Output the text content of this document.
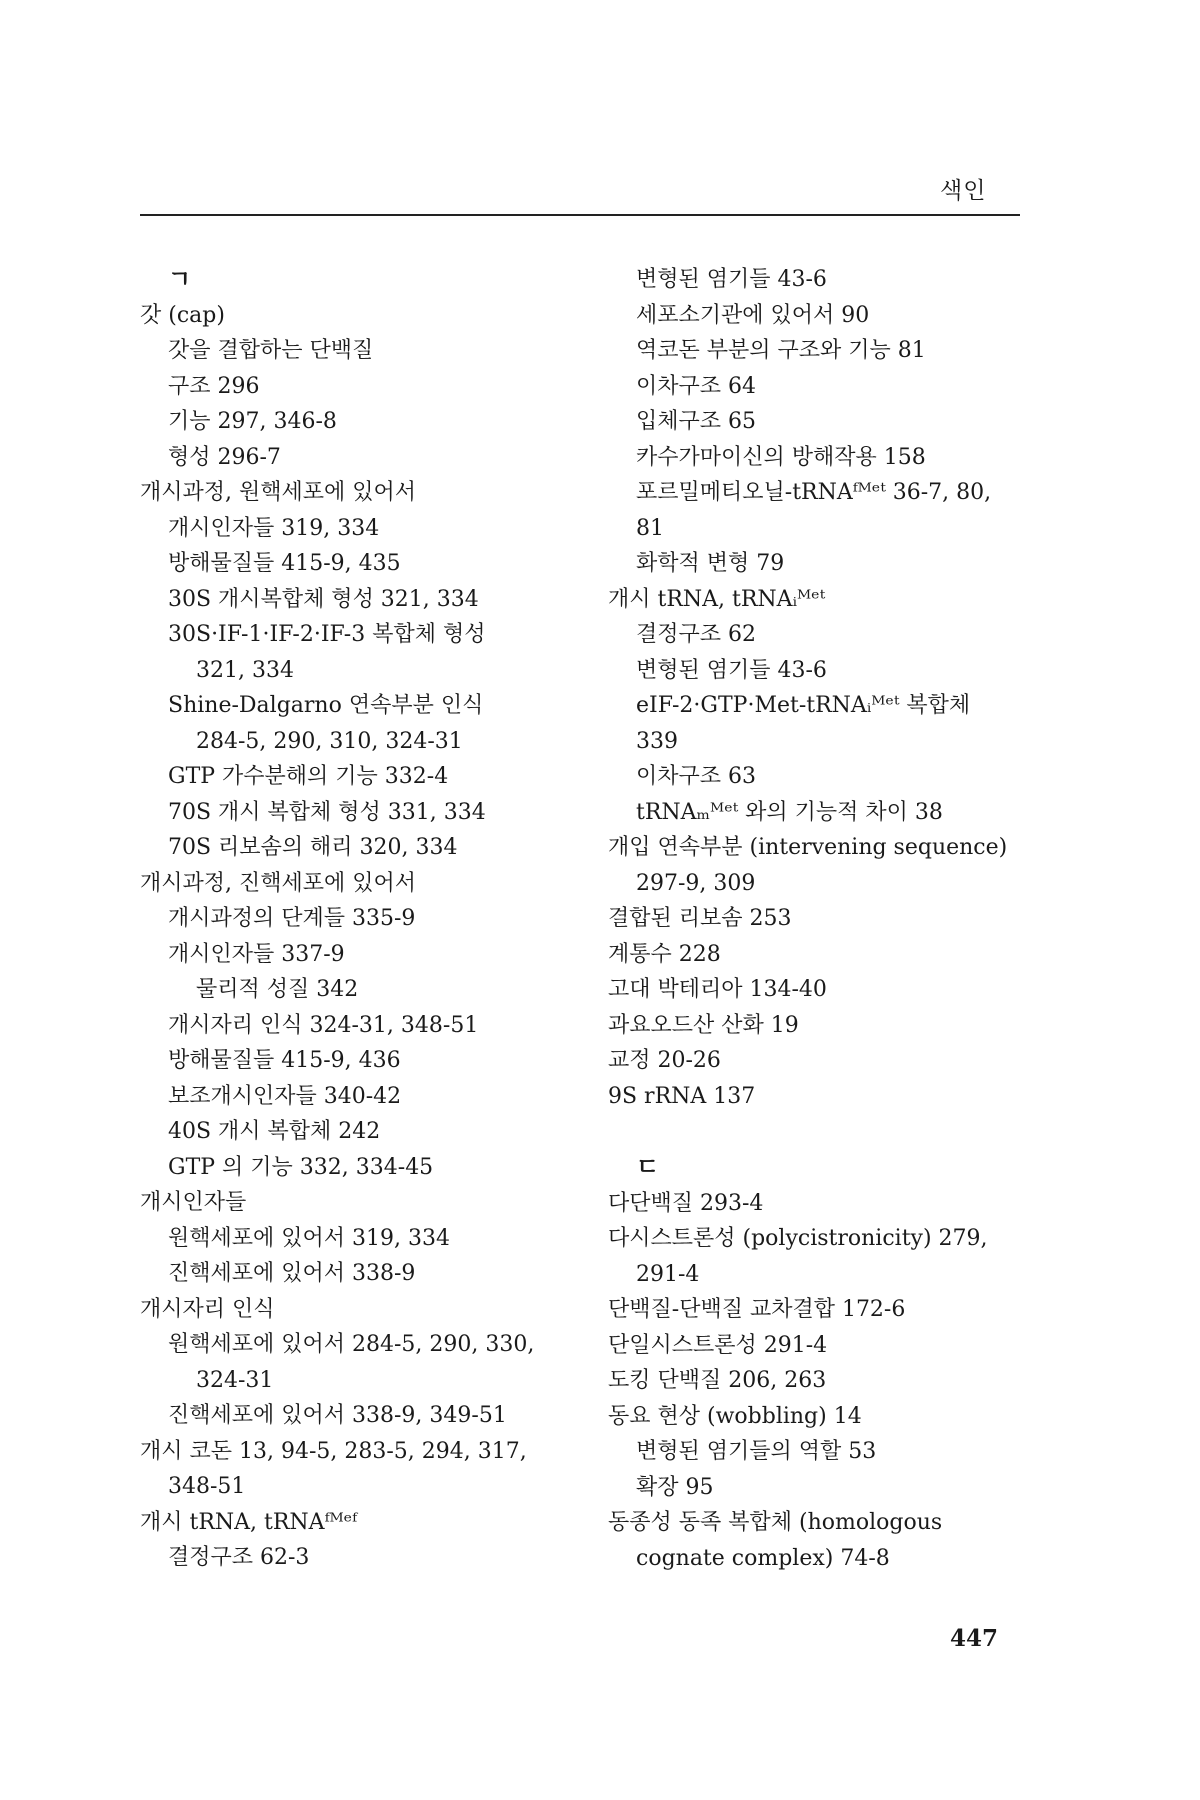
색인
ㄱ
갓 (cap)
갓을 결합하는 단백질
구조 296
기능 297, 346-8
형성 296-7
개시과정, 원핵세포에 있어서
개시인자들 319, 334
방해물질들 415-9, 435
30S 개시복합체 형성 321, 334
30S·IF-1·IF-2·IF-3 복합체 형성
321, 334
Shine-Dalgarno 연속부분 인식
284-5, 290, 310, 324-31
GTP 가수분해의 기능 332-4
70S 개시 복합체 형성 331, 334
70S 리보솜의 해리 320, 334
개시과정, 진핵세포에 있어서
개시과정의 단계들 335-9
개시인자들 337-9
물리적 성질 342
개시자리 인식 324-31, 348-51
방해물질들 415-9, 436
보조개시인자들 340-42
40S 개시 복합체 242
GTP 의 기능 332, 334-45
개시인자들
원핵세포에 있어서 319, 334
진핵세포에 있어서 338-9
개시자리 인식
원핵세포에 있어서 284-5, 290, 330,
324-31
진핵세포에 있어서 338-9, 349-51
개시 코돈 13, 94-5, 283-5, 294, 317,
348-51
개시 tRNA, tRNAᶠᴹᵉᶠ
결정구조 62-3
변형된 염기들 43-6
세포소기관에 있어서 90
역코돈 부분의 구조와 기능 81
이차구조 64
입체구조 65
카수가마이신의 방해작용 158
포르밀메티오닐-tRNAᶠᴹᵉᵗ 36-7, 80,
81
화학적 변형 79
개시 tRNA, tRNAᵢᴹᵉᵗ
결정구조 62
변형된 염기들 43-6
eIF-2·GTP·Met-tRNAᵢᴹᵉᵗ 복합체
339
이차구조 63
tRNAₘᴹᵉᵗ 와의 기능적 차이 38
개입 연속부분 (intervening sequence)
297-9, 309
결합된 리보솜 253
계통수 228
고대 박테리아 134-40
과요오드산 산화 19
교정 20-26
9S rRNA 137
ㄷ
다단백질 293-4
다시스트론성 (polycistronicity) 279,
291-4
단백질-단백질 교차결합 172-6
단일시스트론성 291-4
도킹 단백질 206, 263
동요 현상 (wobbling) 14
변형된 염기들의 역할 53
확장 95
동종성 동족 복합체 (homologous
cognate complex) 74-8
447
